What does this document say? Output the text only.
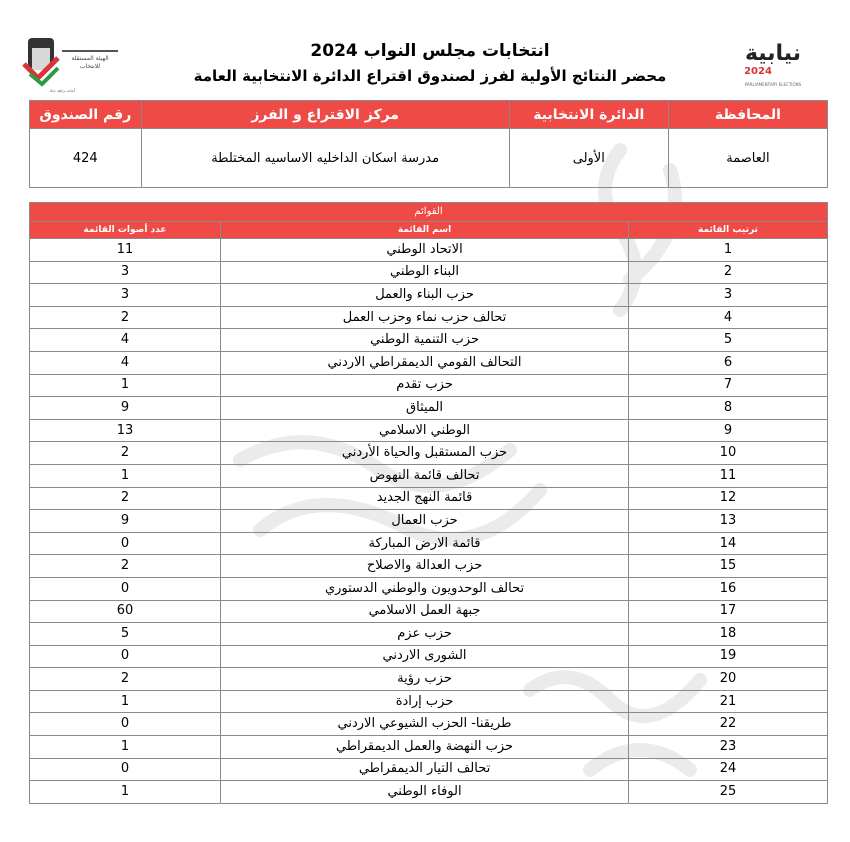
الهيئة المستقلة
للانتخاب
أمانة نزاهة حياد
انتخابات مجلس النواب 2024
محضر النتائج الأولية لفرز لصندوق اقتراع الدائرة الانتخابية العامة
نيابية
2024
PARLIAMENTARY ELECTIONS
المحافظة	الدائرة الانتخابية	مركز الاقتراع و الفرز	رقم الصندوق
العاصمة	الأولى	مدرسة اسكان الداخليه الاساسيه المختلطة	424
القوائم		
ترتيب القائمة	اسم القائمة	عدد أصوات القائمة
1	الاتحاد الوطني	11
2	البناء الوطني	3
3	حزب البناء والعمل	3
4	تحالف حزب نماء وحزب العمل	2
5	حزب التنمية الوطني	4
6	التحالف القومي الديمقراطي الاردني	4
7	حزب تقدم	1
8	الميثاق	9
9	الوطني الاسلامي	13
10	حزب المستقبل والحياة الأردني	2
11	تحالف قائمة النهوض	1
12	قائمة النهج الجديد	2
13	حزب العمال	9
14	قائمة الارض المباركة	0
15	حزب العدالة والاصلاح	2
16	تحالف الوحدويون والوطني الدستوري	0
17	جبهة العمل الاسلامي	60
18	حزب عزم	5
19	الشورى الاردني	0
20	حزب رؤية	2
21	حزب إرادة	1
22	طريقنا- الحزب الشيوعي الاردني	0
23	حزب النهضة والعمل الديمقراطي	1
24	تحالف التيار الديمقراطي	0
25	الوفاء الوطني	1
